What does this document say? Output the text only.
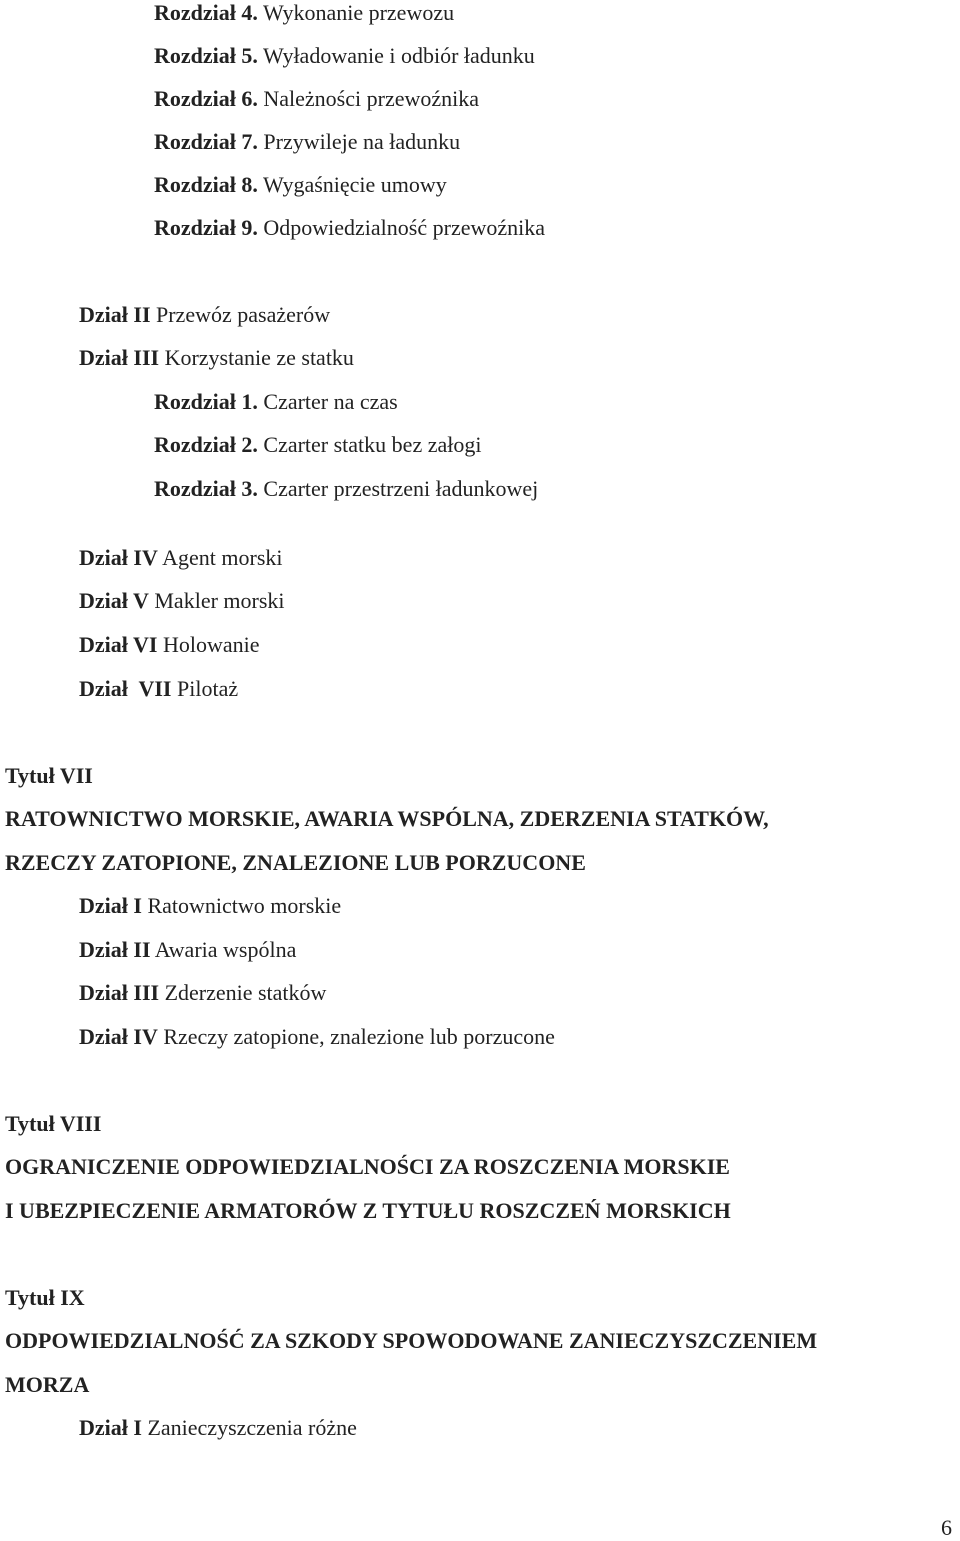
Rozdział 4. Wykonanie przewozu
Rozdział 5. Wyładowanie i odbiór ładunku
Rozdział 6. Należności przewoźnika
Rozdział 7. Przywileje na ładunku
Rozdział 8. Wygaśnięcie umowy
Rozdział 9. Odpowiedzialność przewoźnika
Dział II Przewóz pasażerów
Dział III Korzystanie ze statku
Rozdział 1. Czarter na czas
Rozdział 2. Czarter statku bez załogi
Rozdział 3. Czarter przestrzeni ładunkowej
Dział IV Agent morski
Dział V Makler morski
Dział VI Holowanie
Dział  VII Pilotaż
Tytuł VII
RATOWNICTWO MORSKIE, AWARIA WSPÓLNA, ZDERZENIA STATKÓW,
RZECZY ZATOPIONE, ZNALEZIONE LUB PORZUCONE
Dział I Ratownictwo morskie
Dział II Awaria wspólna
Dział III Zderzenie statków
Dział IV Rzeczy zatopione, znalezione lub porzucone
Tytuł VIII
OGRANICZENIE ODPOWIEDZIALNOŚCI ZA ROSZCZENIA MORSKIE
I UBEZPIECZENIE ARMATORÓW Z TYTUŁU ROSZCZEŃ MORSKICH
Tytuł IX
ODPOWIEDZIALNOŚĆ ZA SZKODY SPOWODOWANE ZANIECZYSZCZENIEM
MORZA
Dział I Zanieczyszczenia różne
6
